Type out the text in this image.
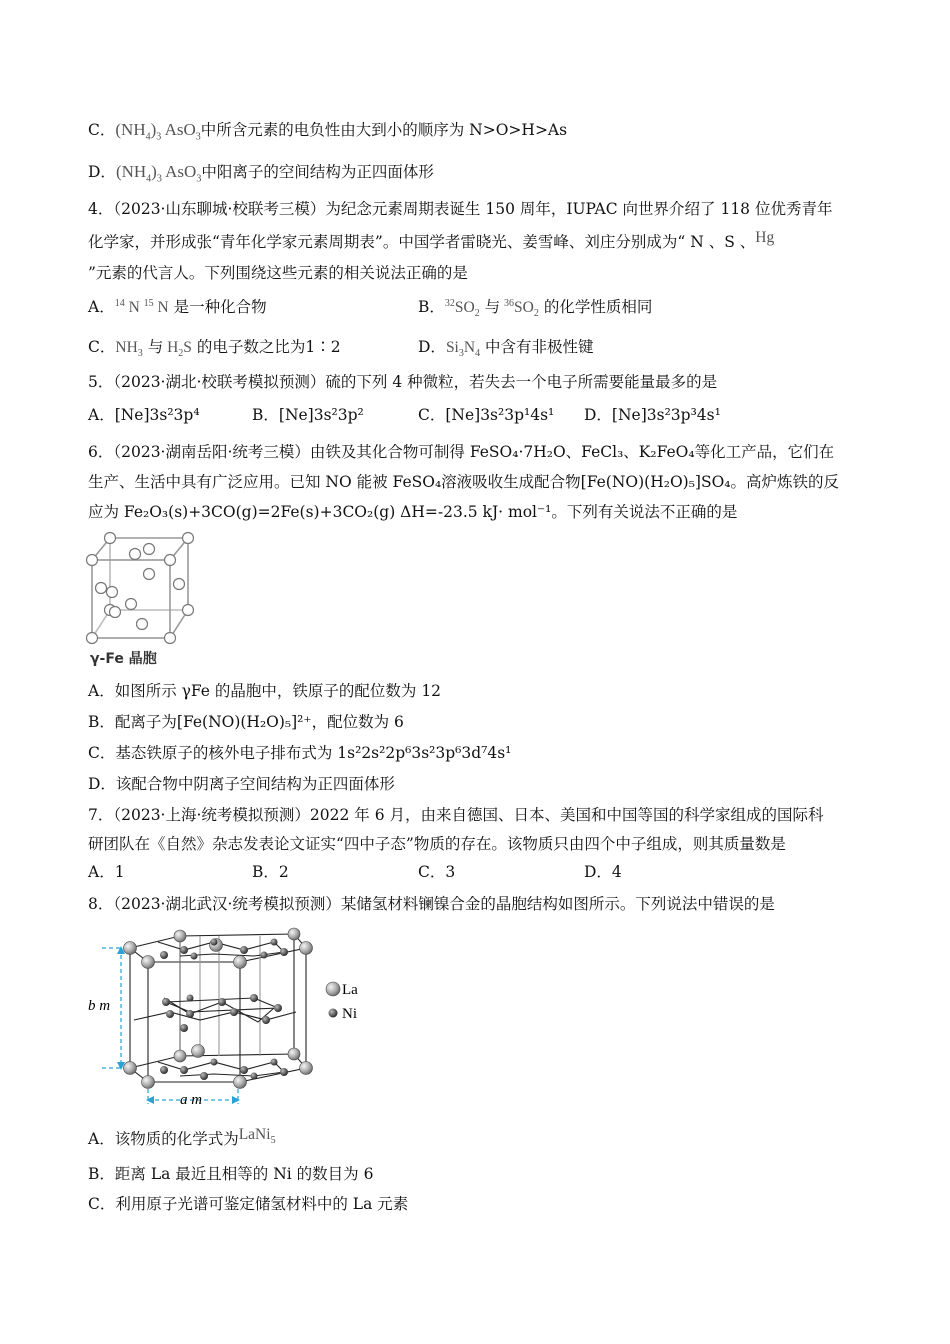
C．$(NH_4)_3$ AsO$_3$中所含元素的电负性由大到小的顺序为 N>O>H>As
D．$(NH_4)_3$ AsO$_3$中阳离子的空间结构为正四面体形
4．（2023·山东聊城·校联考三模）为纪念元素周期表诞生 150 周年，IUPAC 向世界介绍了 118 位优秀青年
化学家，并形成张“青年化学家元素周期表”。中国学者雷晓光、姜雪峰、刘庄分别成为“ N 、S 、Hg
”元素的代言人。下列围绕这些元素的相关说法正确的是
A．$^{14}$ N $^{15}$ N 是一种化合物	B．$^{32}SO_2$ 与 $^{36}SO_2$ 的化学性质相同
C．$NH_3$ 与 $H_2S$ 的电子数之比为1∶2	D．$Si_3N_4$ 中含有非极性键
5．（2023·湖北·校联考模拟预测）硫的下列 4 种微粒，若失去一个电子所需要能量最多的是
A．[Ne]3s²3p⁴	B．[Ne]3s²3p²	C．[Ne]3s²3p¹4s¹ D．[Ne]3s²3p³4s¹
6．（2023·湖南岳阳·统考三模）由铁及其化合物可制得 FeSO₄·7H₂O、FeCl₃、K₂FeO₄等化工产品，它们在
生产、生活中具有广泛应用。已知 NO 能被 FeSO₄溶液吸收生成配合物[Fe(NO)(H₂O)₅]SO₄。高炉炼铁的反
应为 Fe₂O₃(s)+3CO(g)=2Fe(s)+3CO₂(g) ΔH=-23.5 kJ· mol⁻¹。下列有关说法不正确的是
γ-Fe 晶胞
A．如图所示 γFe 的晶胞中，铁原子的配位数为 12
B．配离子为[Fe(NO)(H₂O)₅]²⁺，配位数为 6
C．基态铁原子的核外电子排布式为 1s²2s²2p⁶3s²3p⁶3d⁷4s¹
D．该配合物中阴离子空间结构为正四面体形
7．（2023·上海·统考模拟预测）2022 年 6 月，由来自德国、日本、美国和中国等国的科学家组成的国际科
研团队在《自然》杂志发表论文证实“四中子态”物质的存在。该物质只由四个中子组成，则其质量数是
A．1	B．2	C．3	D．4
8．（2023·湖北武汉·统考模拟预测）某储氢材料镧镍合金的晶胞结构如图所示。下列说法中错误的是
b m
a m
La
Ni
A．该物质的化学式为LaNi$_5$
B．距离 La 最近且相等的 Ni 的数目为 6
C．利用原子光谱可鉴定储氢材料中的 La 元素
